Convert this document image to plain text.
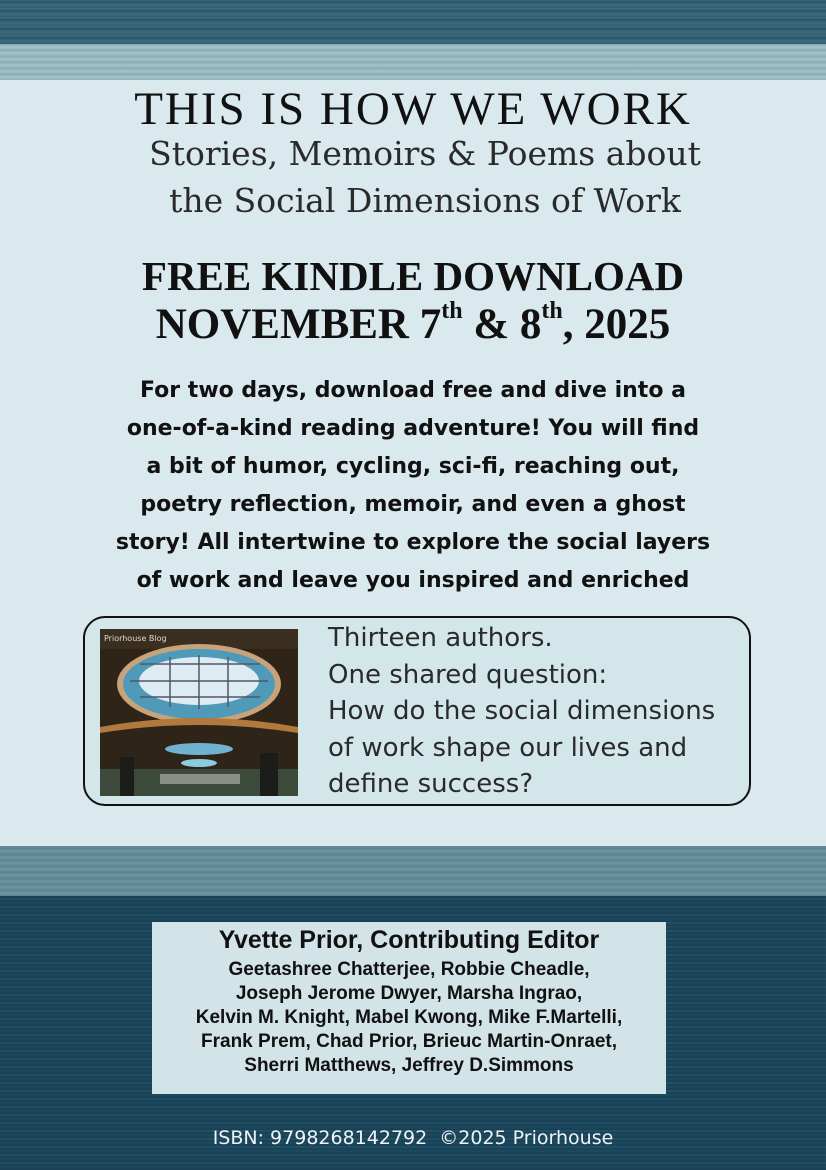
THIS IS HOW WE WORK

Stories, Memoirs & Poems about
the Social Dimensions of Work

FREE KINDLE DOWNLOAD
NOVEMBER 7th & 8th, 2025

For two days, download free and dive into a
one-of-a-kind reading adventure! You will find
a bit of humor, cycling, sci-fi, reaching out,
poetry reflection, memoir, and even a ghost
story! All intertwine to explore the social layers
of work and leave you inspired and enriched

Priorhouse Blog	Thirteen authors.
One shared question:
How do the social dimensions
of work shape our lives and
define success?

Yvette Prior, Contributing Editor
Geetashree Chatterjee, Robbie Cheadle,
Joseph Jerome Dwyer, Marsha Ingrao,
Kelvin M. Knight, Mabel Kwong, Mike F.Martelli,
Frank Prem, Chad Prior, Brieuc Martin-Onraet,
Sherri Matthews, Jeffrey D.Simmons
ISBN: 9798268142792  ©2025 Priorhouse
